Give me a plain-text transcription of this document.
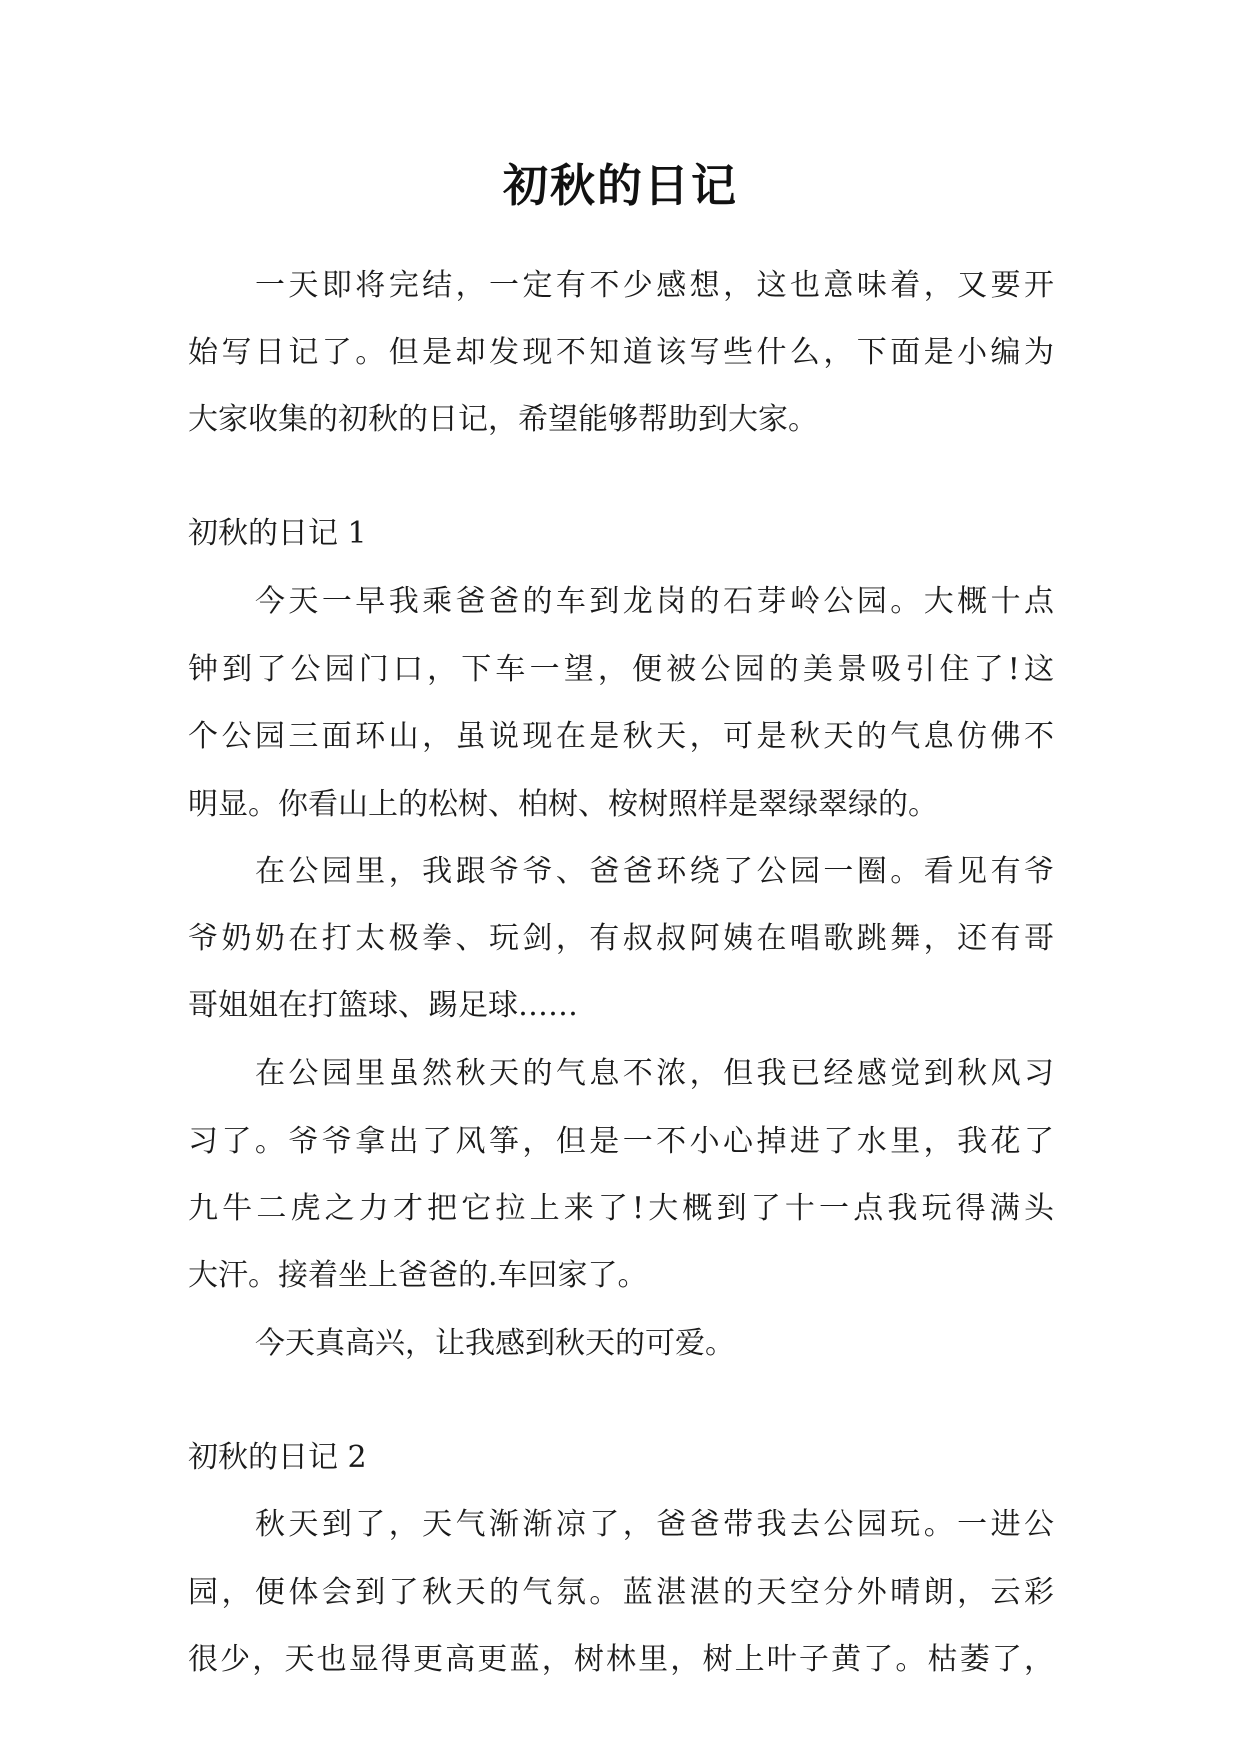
初秋的日记

一天即将完结，一定有不少感想，这也意味着，又要开

始写日记了。但是却发现不知道该写些什么，下面是小编为

大家收集的初秋的日记，希望能够帮助到大家。

初秋的日记 1

今天一早我乘爸爸的车到龙岗的石芽岭公园。大概十点

钟到了公园门口，下车一望，便被公园的美景吸引住了!这

个公园三面环山，虽说现在是秋天，可是秋天的气息仿佛不

明显。你看山上的松树、柏树、桉树照样是翠绿翠绿的。

在公园里，我跟爷爷、爸爸环绕了公园一圈。看见有爷

爷奶奶在打太极拳、玩剑，有叔叔阿姨在唱歌跳舞，还有哥

哥姐姐在打篮球、踢足球……

在公园里虽然秋天的气息不浓，但我已经感觉到秋风习

习了。爷爷拿出了风筝，但是一不小心掉进了水里，我花了

九牛二虎之力才把它拉上来了!大概到了十一点我玩得满头

大汗。接着坐上爸爸的.车回家了。

今天真高兴，让我感到秋天的可爱。

初秋的日记 2

秋天到了，天气渐渐凉了，爸爸带我去公园玩。一进公

园，便体会到了秋天的气氛。蓝湛湛的天空分外晴朗，云彩

很少，天也显得更高更蓝，树林里，树上叶子黄了。枯萎了，
